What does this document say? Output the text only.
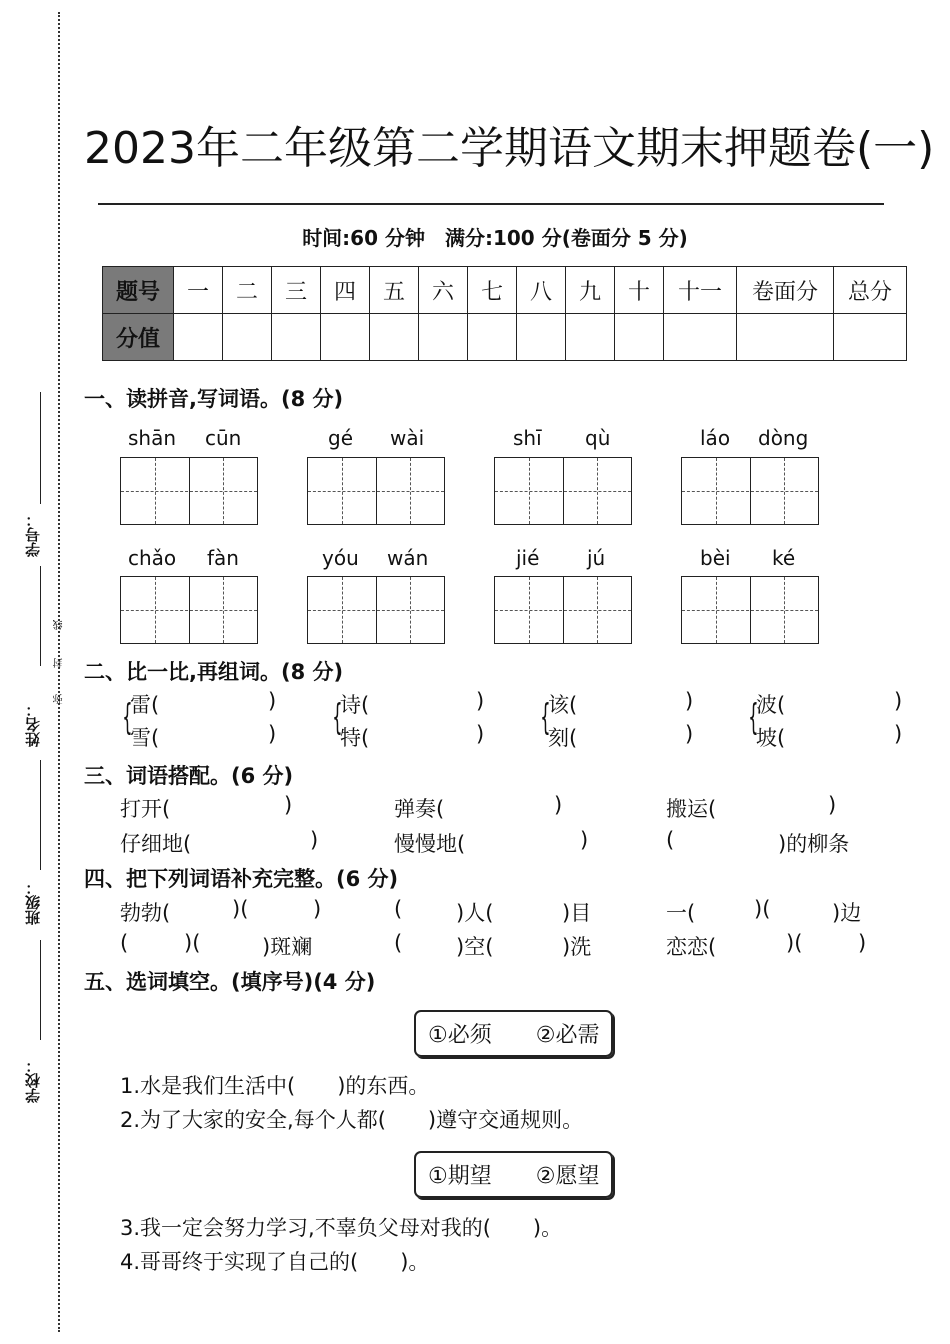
学号：
线
封
弥
姓名：
班级：
学校：
2023年二年级第二学期语文期末押题卷(一)
时间:60 分钟　满分:100 分(卷面分 5 分)
题号	一	二	三	四	五	六	七	八	九	十	十一	卷面分	总分
分值													
一、读拼音,写词语。(8 分)
shān cūn	gé wài	shī qù	láo dòng
chǎo fàn	yóu wán	jié jú	bèi ké
二、比一比,再组词。(8 分)
{
雷(	)
雪(	) {
诗(	)
特(	) {
该(	)
刻(	) {
波(	)
坡(	)
三、词语搭配。(6 分)
打开(	)	弹奏(	)	搬运(	)
仔细地(	)	慢慢地(	)	(	)的柳条
四、把下列词语补充完整。(6 分)
勃勃(	)(	)	(	)人(	)目	一(	)(	)边
(	)(	)斑斓	(	)空(	)洗	恋恋(	)(	)
五、选词填空。(填序号)(4 分)
①必须　　②必需
1.水是我们生活中(　　)的东西。
2.为了大家的安全,每个人都(　　)遵守交通规则。
①期望　　②愿望
3.我一定会努力学习,不辜负父母对我的(　　)。
4.哥哥终于实现了自己的(　　)。
